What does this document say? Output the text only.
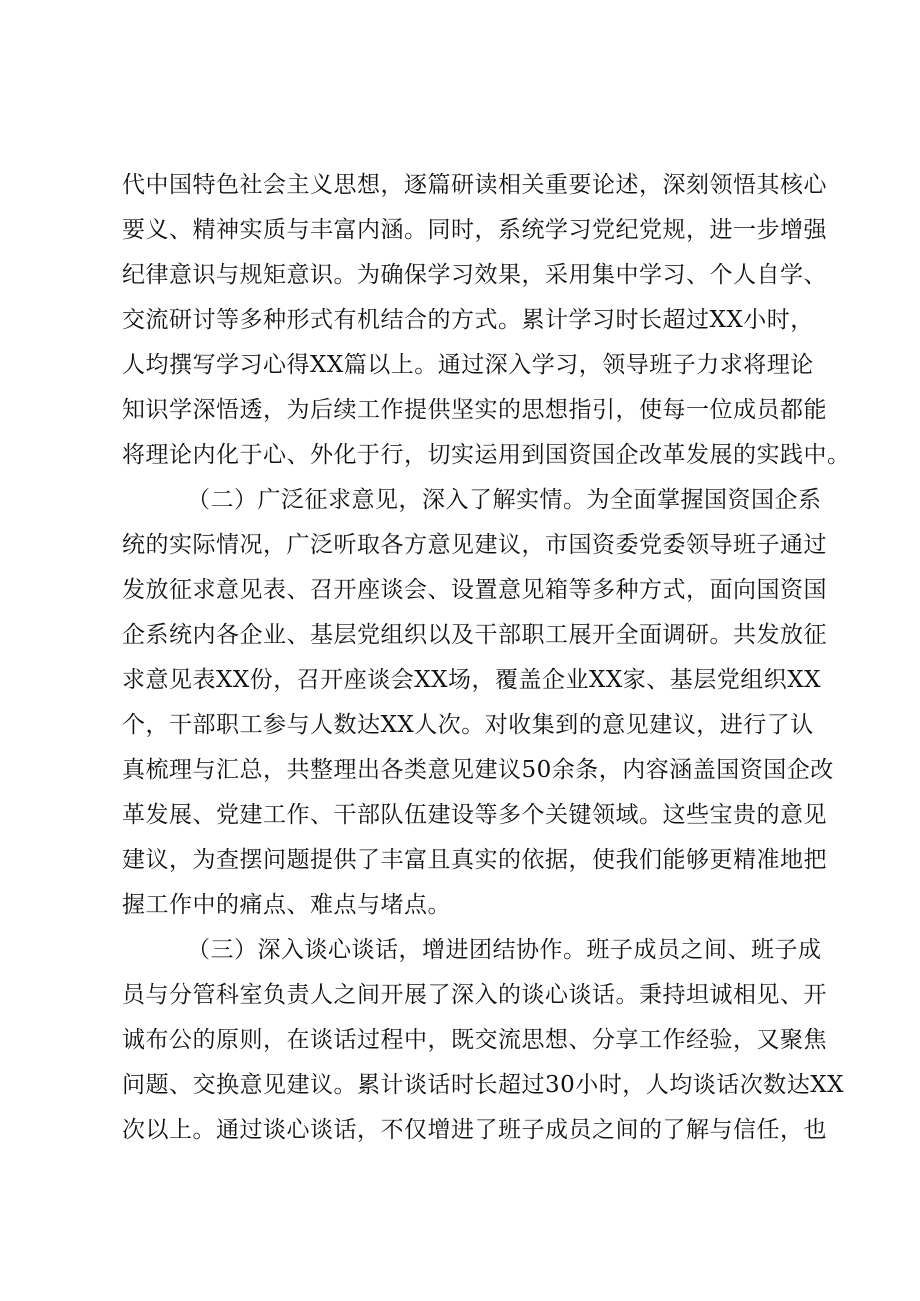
代中国特色社会主义思想，逐篇研读相关重要论述，深刻领悟其核心
要义、精神实质与丰富内涵。同时，系统学习党纪党规，进一步增强
纪律意识与规矩意识。为确保学习效果，采用集中学习、个人自学、
交流研讨等多种形式有机结合的方式。累计学习时长超过XX小时，
人均撰写学习心得XX篇以上。通过深入学习，领导班子力求将理论
知识学深悟透，为后续工作提供坚实的思想指引，使每一位成员都能
将理论内化于心、外化于行，切实运用到国资国企改革发展的实践中。
（二）广泛征求意见，深入了解实情。为全面掌握国资国企系
统的实际情况，广泛听取各方意见建议，市国资委党委领导班子通过
发放征求意见表、召开座谈会、设置意见箱等多种方式，面向国资国
企系统内各企业、基层党组织以及干部职工展开全面调研。共发放征
求意见表XX份，召开座谈会XX场，覆盖企业XX家、基层党组织XX
个，干部职工参与人数达XX人次。对收集到的意见建议，进行了认
真梳理与汇总，共整理出各类意见建议50余条，内容涵盖国资国企改
革发展、党建工作、干部队伍建设等多个关键领域。这些宝贵的意见
建议，为查摆问题提供了丰富且真实的依据，使我们能够更精准地把
握工作中的痛点、难点与堵点。
（三）深入谈心谈话，增进团结协作。班子成员之间、班子成
员与分管科室负责人之间开展了深入的谈心谈话。秉持坦诚相见、开
诚布公的原则，在谈话过程中，既交流思想、分享工作经验，又聚焦
问题、交换意见建议。累计谈话时长超过30小时，人均谈话次数达XX
次以上。通过谈心谈话，不仅增进了班子成员之间的了解与信任，也
